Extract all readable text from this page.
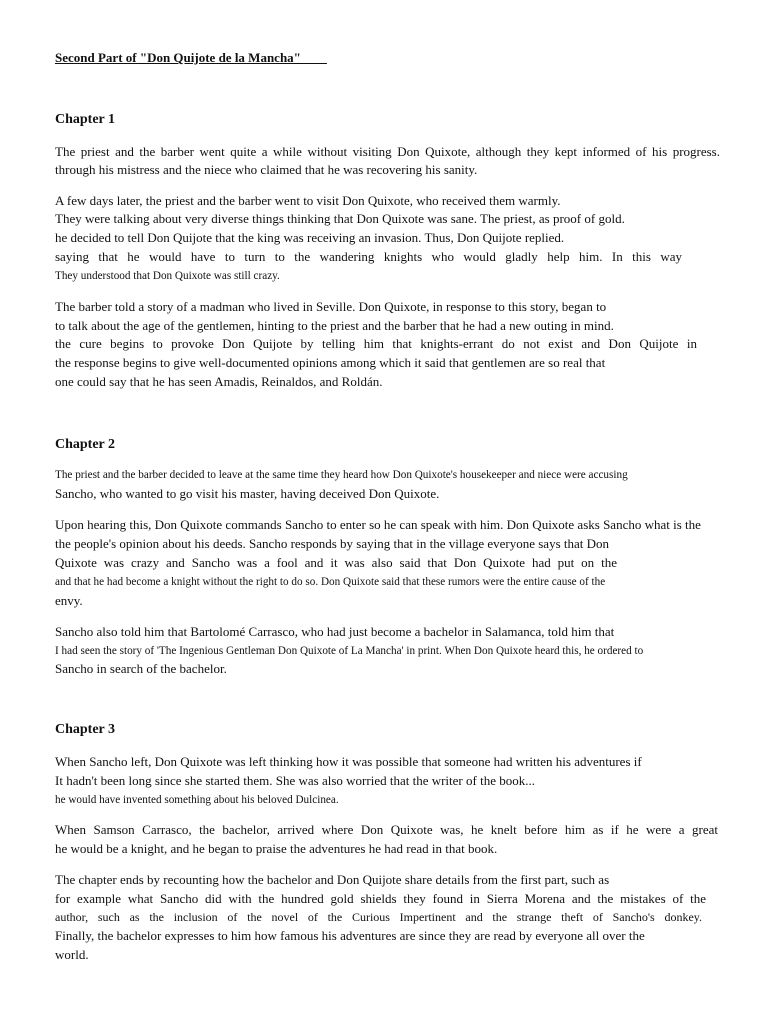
Second Part of "Don Quijote de la Mancha"

Chapter 1

The priest and the barber went quite a while without visiting Don Quixote, although they kept informed of his progress.

through his mistress and the niece who claimed that he was recovering his sanity.

A few days later, the priest and the barber went to visit Don Quixote, who received them warmly.

They were talking about very diverse things thinking that Don Quixote was sane. The priest, as proof of gold.

he decided to tell Don Quijote that the king was receiving an invasion. Thus, Don Quijote replied.

saying that he would have to turn to the wandering knights who would gladly help him. In this way

They understood that Don Quixote was still crazy.

The barber told a story of a madman who lived in Seville. Don Quixote, in response to this story, began to

to talk about the age of the gentlemen, hinting to the priest and the barber that he had a new outing in mind.

the cure begins to provoke Don Quijote by telling him that knights-errant do not exist and Don Quijote in

the response begins to give well-documented opinions among which it said that gentlemen are so real that

one could say that he has seen Amadis, Reinaldos, and Roldán.

Chapter 2

The priest and the barber decided to leave at the same time they heard how Don Quixote's housekeeper and niece were accusing

Sancho, who wanted to go visit his master, having deceived Don Quixote.

Upon hearing this, Don Quixote commands Sancho to enter so he can speak with him. Don Quixote asks Sancho what is the

the people's opinion about his deeds. Sancho responds by saying that in the village everyone says that Don

Quixote was crazy and Sancho was a fool and it was also said that Don Quixote had put on the

and that he had become a knight without the right to do so. Don Quixote said that these rumors were the entire cause of the

envy.

Sancho also told him that Bartolomé Carrasco, who had just become a bachelor in Salamanca, told him that

I had seen the story of 'The Ingenious Gentleman Don Quixote of La Mancha' in print. When Don Quixote heard this, he ordered to

Sancho in search of the bachelor.

Chapter 3

When Sancho left, Don Quixote was left thinking how it was possible that someone had written his adventures if

It hadn't been long since she started them. She was also worried that the writer of the book...

he would have invented something about his beloved Dulcinea.

When Samson Carrasco, the bachelor, arrived where Don Quixote was, he knelt before him as if he were a great

he would be a knight, and he began to praise the adventures he had read in that book.

The chapter ends by recounting how the bachelor and Don Quijote share details from the first part, such as

for example what Sancho did with the hundred gold shields they found in Sierra Morena and the mistakes of the

author, such as the inclusion of the novel of the Curious Impertinent and the strange theft of Sancho's donkey.

Finally, the bachelor expresses to him how famous his adventures are since they are read by everyone all over the

world.
